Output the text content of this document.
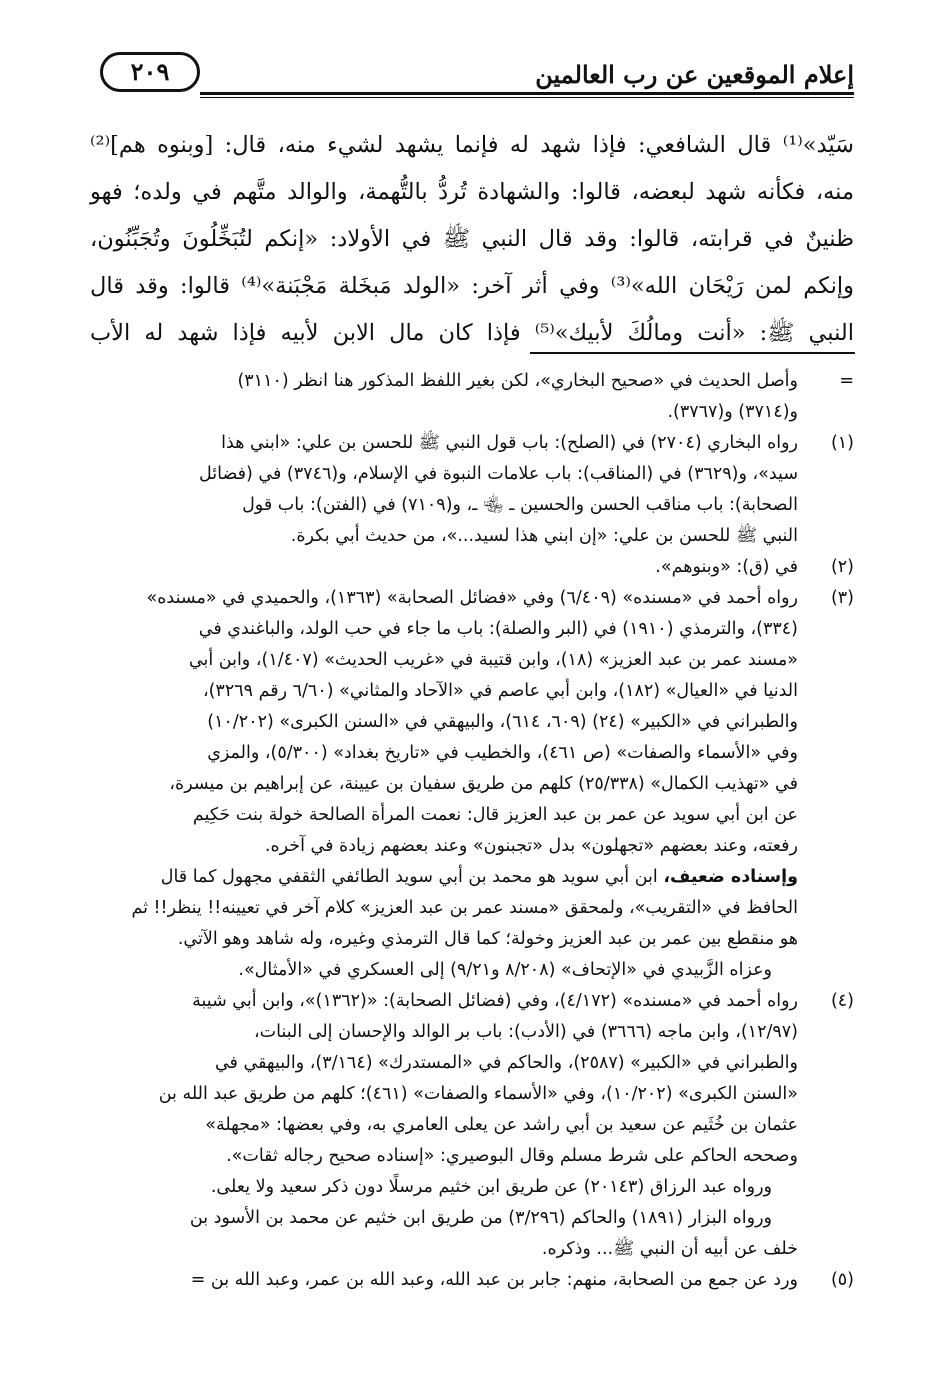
إعلام الموقعين عن رب العالمين
٢٠٩
سَيّد»⁽¹⁾ قال الشافعي: فإذا شهد له فإنما يشهد لشيء منه، قال: [وبنوه هم]⁽²⁾
منه، فكأنه شهد لبعضه، قالوا: والشهادة تُردُّ بالتُّهمة، والوالد متَّهم في ولده؛ فهو
ظنينٌ في قرابته، قالوا: وقد قال النبي ﷺ في الأولاد: «إنكم لتُبَخِّلُونَ وتُجَبِّنُون،
وإنكم لمن رَيْحَان الله»⁽³⁾ وفي أثر آخر: «الولد مَبخَلة مَجْبَنة»⁽⁴⁾ قالوا: وقد قال
النبي ﷺ: «أنت ومالُكَ لأبيك»⁽⁵⁾ فإذا كان مال الابن لأبيه فإذا شهد له الأب
=
وأصل الحديث في «صحيح البخاري»، لكن بغير اللفظ المذكور هنا انظر (٣١١٠)
و(٣٧١٤) و(٣٧٦٧).
(١)
رواه البخاري (٢٧٠٤) في (الصلح): باب قول النبي ﷺ للحسن بن علي: «ابني هذا
سيد»، و(٣٦٢٩) في (المناقب): باب علامات النبوة في الإسلام، و(٣٧٤٦) في (فضائل
الصحابة): باب مناقب الحسن والحسين ـ ﵄ ـ، و(٧١٠٩) في (الفتن): باب قول
النبي ﷺ للحسن بن علي: «إن ابني هذا لسيد...»، من حديث أبي بكرة.
(٢)
في (ق): «وبنوهم».
(٣)
رواه أحمد في «مسنده» (٦/٤٠٩) وفي «فضائل الصحابة» (١٣٦٣)، والحميدي في «مسنده»
(٣٣٤)، والترمذي (١٩١٠) في (البر والصلة): باب ما جاء في حب الولد، والباغندي في
«مسند عمر بن عبد العزيز» (١٨)، وابن قتيبة في «غريب الحديث» (١/٤٠٧)، وابن أبي
الدنيا في «العيال» (١٨٢)، وابن أبي عاصم في «الآحاد والمثاني» (٦/٦٠ رقم ٣٢٦٩)،
والطبراني في «الكبير» (٢٤) (٦٠٩، ٦١٤)، والبيهقي في «السنن الكبرى» (١٠/٢٠٢)
وفي «الأسماء والصفات» (ص ٤٦١)، والخطيب في «تاريخ بغداد» (٥/٣٠٠)، والمزي
في «تهذيب الكمال» (٢٥/٣٣٨) كلهم من طريق سفيان بن عيينة، عن إبراهيم بن ميسرة،
عن ابن أبي سويد عن عمر بن عبد العزيز قال: نعمت المرأة الصالحة خولة بنت حَكِيم
رفعته، وعند بعضهم «تجهلون» بدل «تجبنون» وعند بعضهم زيادة في آخره.
وإسناده ضعيف، ابن أبي سويد هو محمد بن أبي سويد الطائفي الثقفي مجهول كما قال
الحافظ في «التقريب»، ولمحقق «مسند عمر بن عبد العزيز» كلام آخر في تعيينه!! ينظر!! ثم
هو منقطع بين عمر بن عبد العزيز وخولة؛ كما قال الترمذي وغيره، وله شاهد وهو الآتي.
وعزاه الزَّبيدي في «الإتحاف» (٨/٢٠٨ و٩/٢١) إلى العسكري في «الأمثال».
(٤)
رواه أحمد في «مسنده» (٤/١٧٢)، وفي (فضائل الصحابة): «(١٣٦٢)»، وابن أبي شيبة
(١٢/٩٧)، وابن ماجه (٣٦٦٦) في (الأدب): باب بر الوالد والإحسان إلى البنات،
والطبراني في «الكبير» (٢٥٨٧)، والحاكم في «المستدرك» (٣/١٦٤)، والبيهقي في
«السنن الكبرى» (١٠/٢٠٢)، وفي «الأسماء والصفات» (٤٦١)؛ كلهم من طريق عبد الله بن
عثمان بن خُثَيم عن سعيد بن أبي راشد عن يعلى العامري به، وفي بعضها: «مجهلة»
وصححه الحاكم على شرط مسلم وقال البوصيري: «إسناده صحيح رجاله ثقات».
ورواه عبد الرزاق (٢٠١٤٣) عن طريق ابن خثيم مرسلًا دون ذكر سعيد ولا يعلى.
ورواه البزار (١٨٩١) والحاكم (٣/٢٩٦) من طريق ابن خثيم عن محمد بن الأسود بن
خلف عن أبيه أن النبي ﷺ... وذكره.
(٥)
ورد عن جمع من الصحابة، منهم: جابر بن عبد الله، وعبد الله بن عمر، وعبد الله بن =
